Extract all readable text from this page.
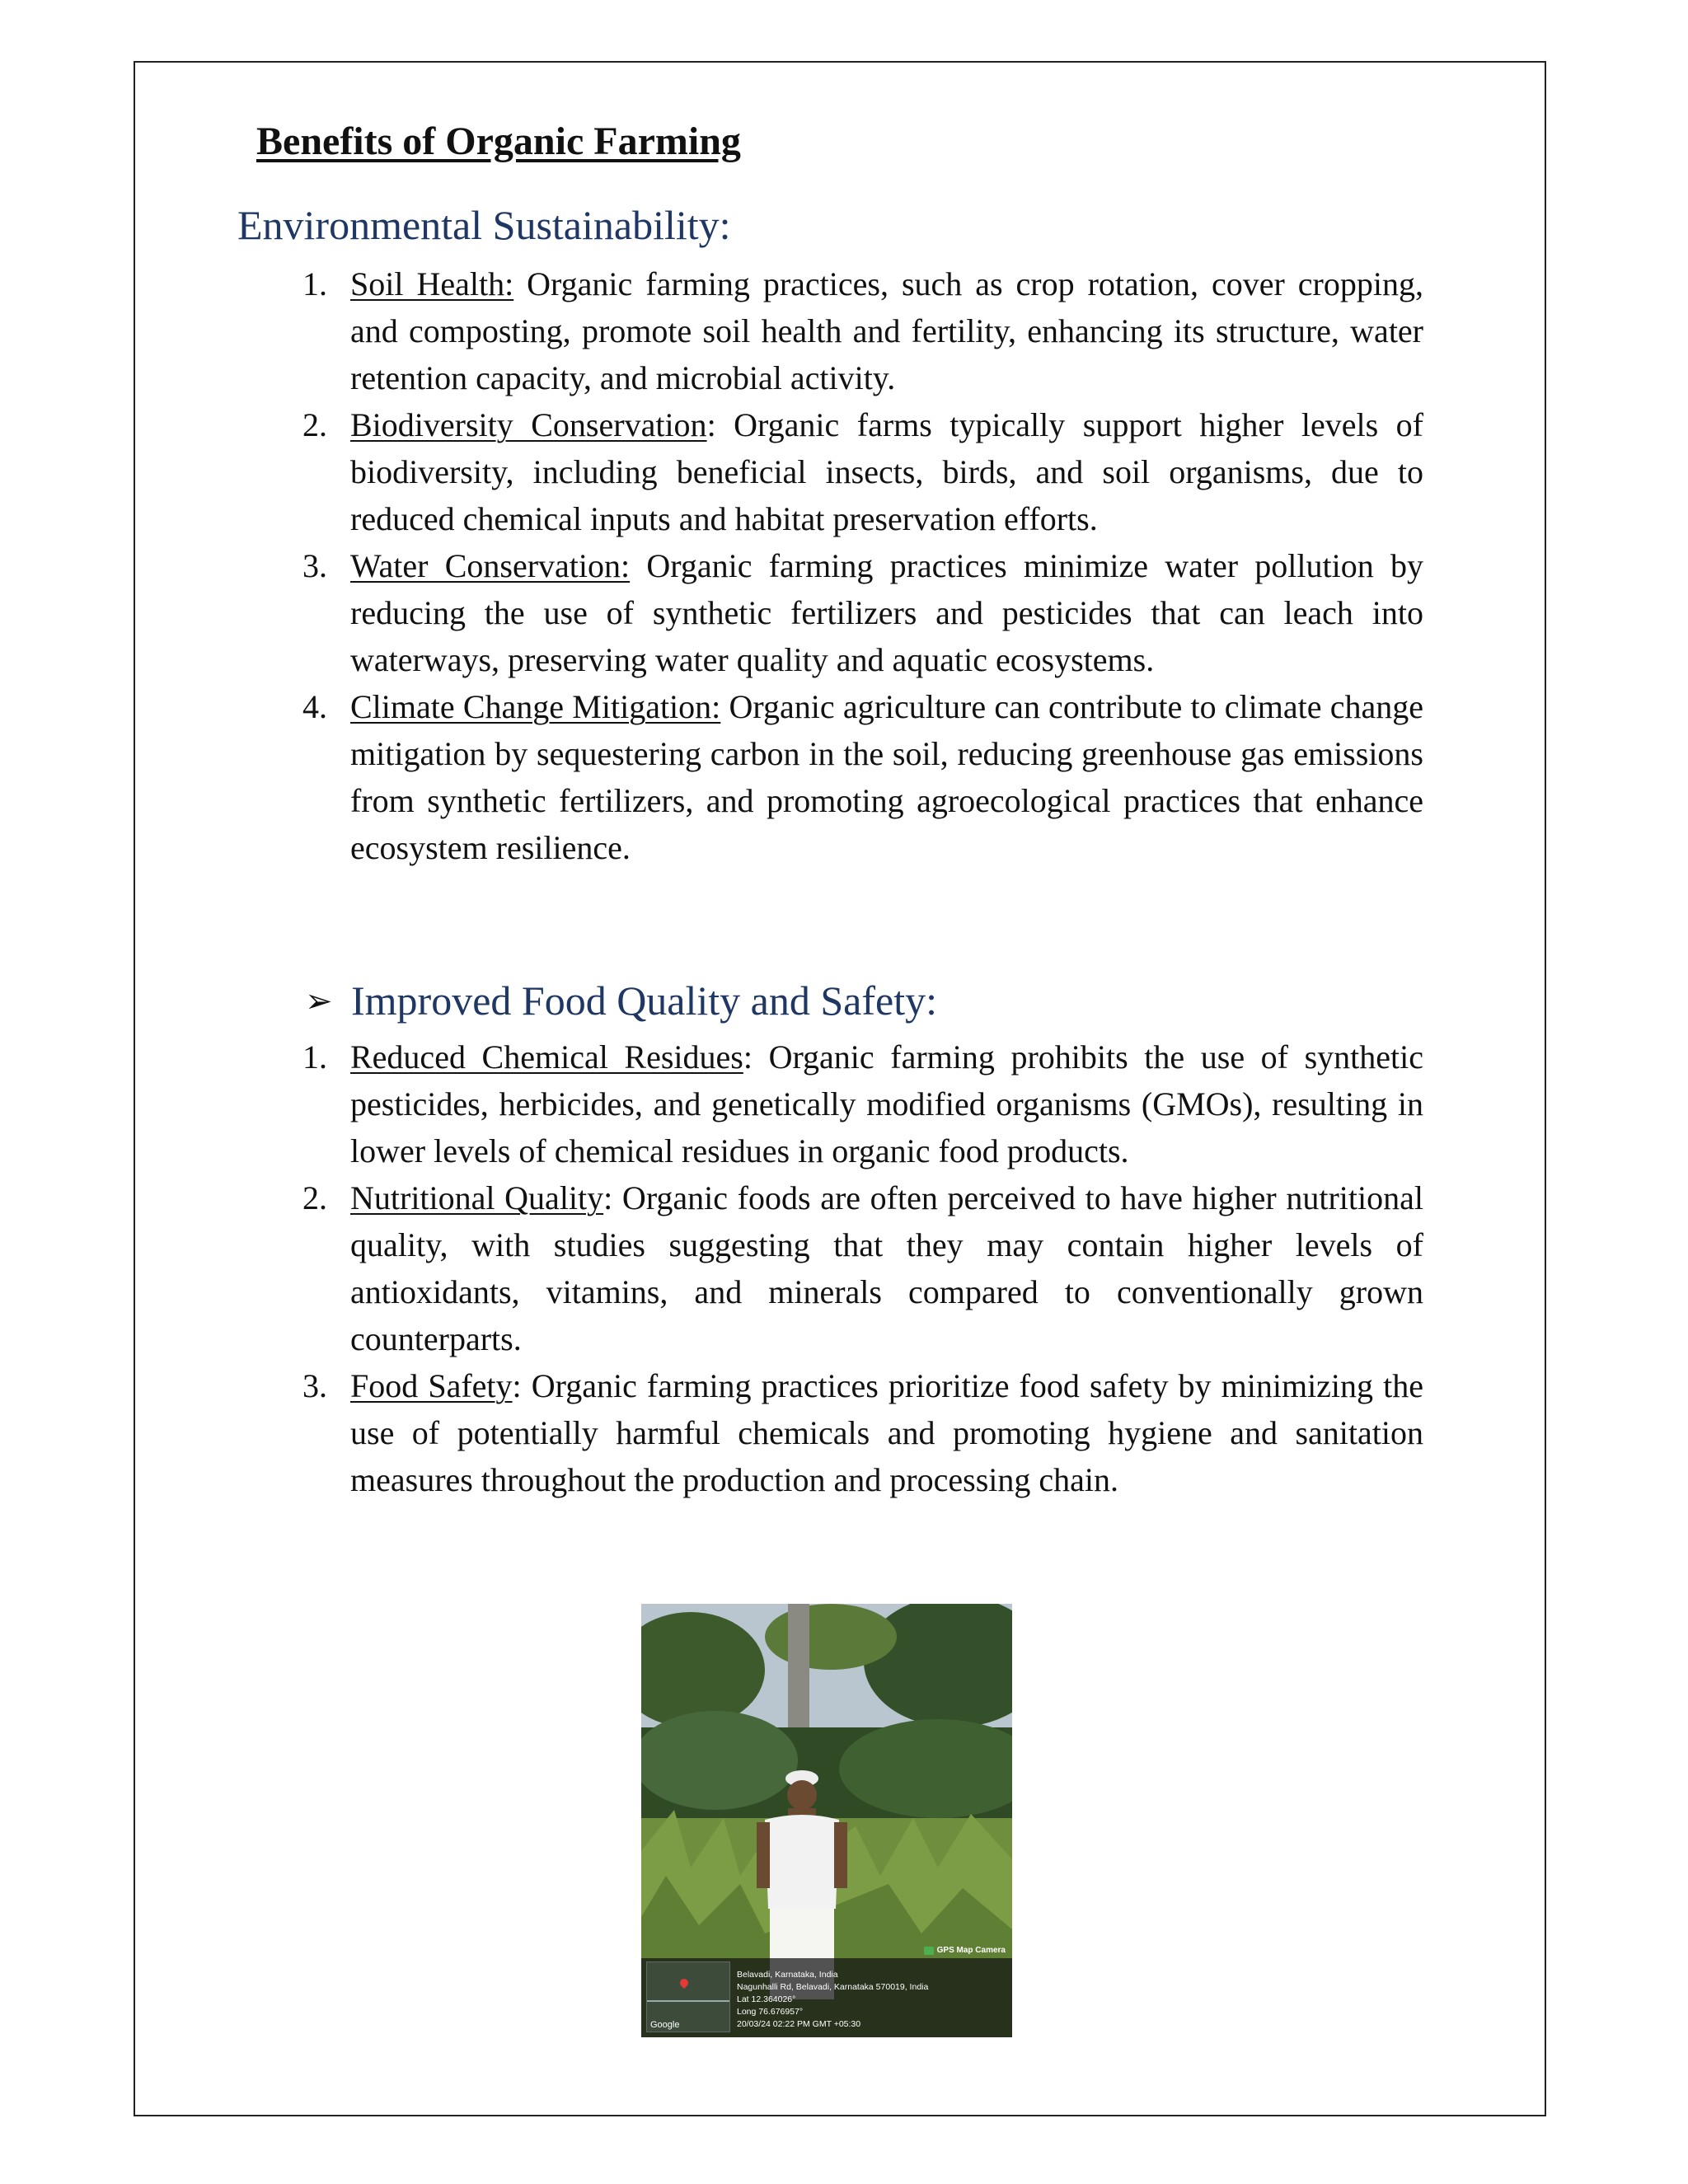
Benefits of Organic Farming
Environmental Sustainability:
1. Soil Health: Organic farming practices, such as crop rotation, cover cropping, and composting, promote soil health and fertility, enhancing its structure, water retention capacity, and microbial activity.
2. Biodiversity Conservation: Organic farms typically support higher levels of biodiversity, including beneficial insects, birds, and soil organisms, due to reduced chemical inputs and habitat preservation efforts.
3. Water Conservation: Organic farming practices minimize water pollution by reducing the use of synthetic fertilizers and pesticides that can leach into waterways, preserving water quality and aquatic ecosystems.
4. Climate Change Mitigation: Organic agriculture can contribute to climate change mitigation by sequestering carbon in the soil, reducing greenhouse gas emissions from synthetic fertilizers, and promoting agroecological practices that enhance ecosystem resilience.
➢ Improved Food Quality and Safety:
1. Reduced Chemical Residues: Organic farming prohibits the use of synthetic pesticides, herbicides, and genetically modified organisms (GMOs), resulting in lower levels of chemical residues in organic food products.
2. Nutritional Quality: Organic foods are often perceived to have higher nutritional quality, with studies suggesting that they may contain higher levels of antioxidants, vitamins, and minerals compared to conventionally grown counterparts.
3. Food Safety: Organic farming practices prioritize food safety by minimizing the use of potentially harmful chemicals and promoting hygiene and sanitation measures throughout the production and processing chain.
GPS Map Camera
Google
Belavadi, Karnataka, India
Nagunhalli Rd, Belavadi, Karnataka 570019, India
Lat 12.364026°
Long 76.676957°
20/03/24 02:22 PM GMT +05:30
